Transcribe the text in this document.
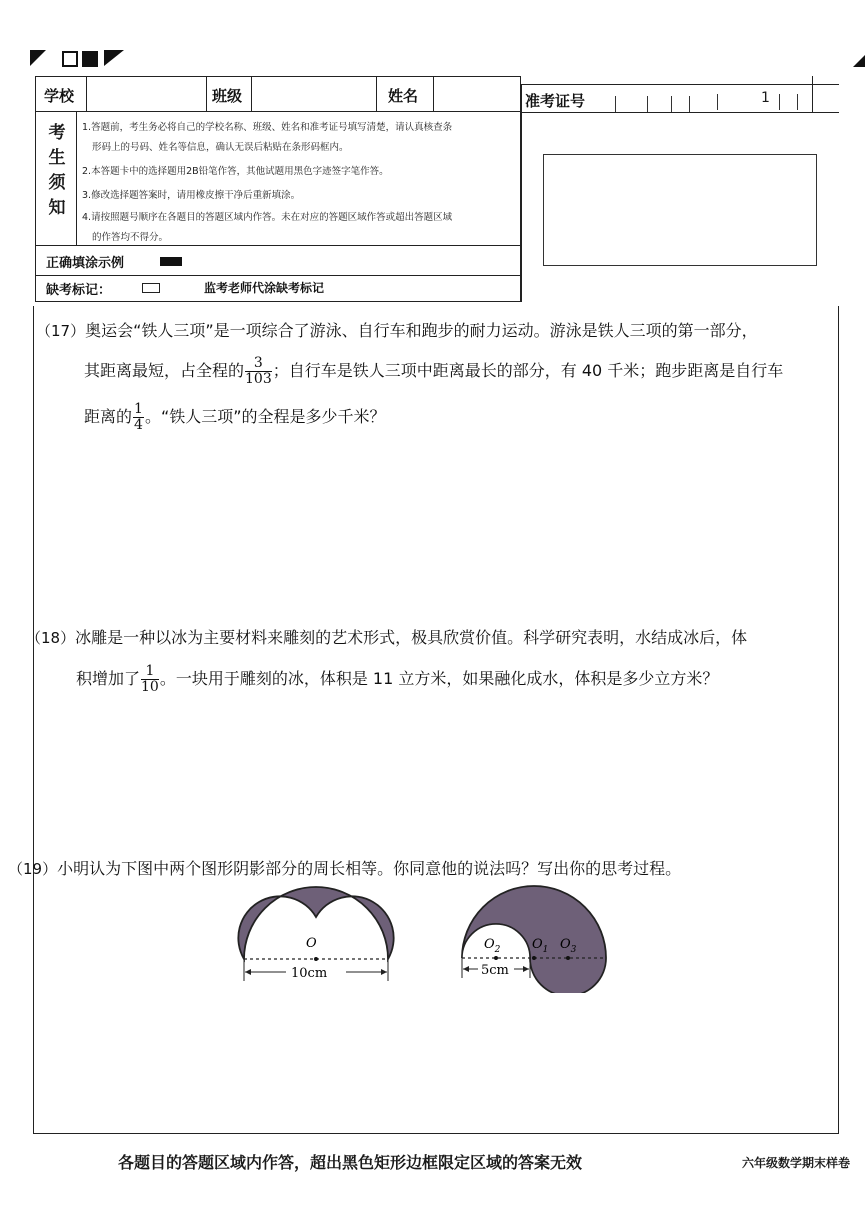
学校	班级	姓名
考
生
须
知
1.答题前，考生务必将自己的学校名称、班级、姓名和准考证号填写清楚，请认真核查条
形码上的号码、姓名等信息，确认无误后粘贴在条形码框内。
2.本答题卡中的选择题用2B铅笔作答，其他试题用黑色字迹签字笔作答。
3.修改选择题答案时，请用橡皮擦干净后重新填涂。
4.请按照题号顺序在各题目的答题区域内作答。未在对应的答题区域作答或超出答题区域
的作答均不得分。
正确填涂示例
缺考标记：	监考老师代涂缺考标记
准考证号	1
（17）奥运会“铁人三项”是一项综合了游泳、自行车和跑步的耐力运动。游泳是铁人三项的第一部分，
其距离最短，占全程的 $\frac{3}{103}$ ；自行车是铁人三项中距离最长的部分，有 40 千米；跑步距离是自行车
距离的 $\frac{1}{4}$ 。“铁人三项”的全程是多少千米？
（18）冰雕是一种以冰为主要材料来雕刻的艺术形式，极具欣赏价值。科学研究表明，水结成冰后，体
积增加了 $\frac{1}{10}$ 。一块用于雕刻的冰，体积是 11 立方米，如果融化成水，体积是多少立方米？
（19）小明认为下图中两个图形阴影部分的周长相等。你同意他的说法吗？写出你的思考过程。
O
10cm
$O_2$ $O_1$ $O_3$
5cm
各题目的答题区域内作答，超出黑色矩形边框限定区域的答案无效	六年级数学期末样卷
